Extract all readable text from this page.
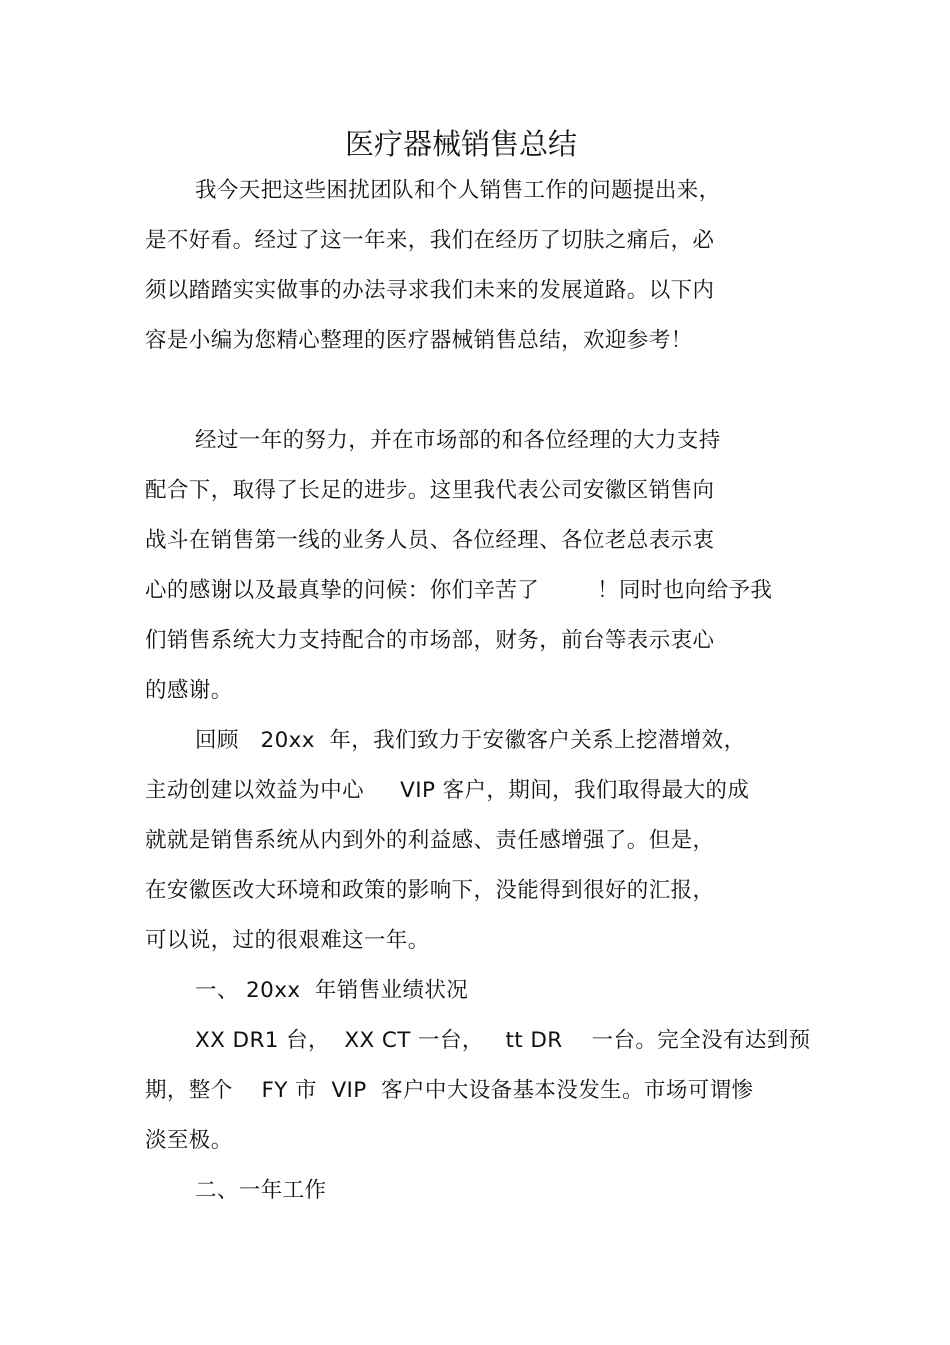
医疗器械销售总结
我今天把这些困扰团队和个人销售工作的问题提出来，
是不好看。经过了这一年来，我们在经历了切肤之痛后，必
须以踏踏实实做事的办法寻求我们未来的发展道路。以下内
容是小编为您精心整理的医疗器械销售总结，欢迎参考！
经过一年的努力，并在市场部的和各位经理的大力支持
配合下，取得了长足的进步。这里我代表公司安徽区销售向
战斗在销售第一线的业务人员、各位经理、各位老总表示衷
心的感谢以及最真挚的问候：你们辛苦了        ！同时也向给予我
们销售系统大力支持配合的市场部，财务，前台等表示衷心
的感谢。
回顾   20xx  年，我们致力于安徽客户关系上挖潜增效，
主动创建以效益为中心     VIP 客户，期间，我们取得最大的成
就就是销售系统从内到外的利益感、责任感增强了。但是，
在安徽医改大环境和政策的影响下，没能得到很好的汇报，
可以说，过的很艰难这一年。
一、 20xx  年销售业绩状况
XX DR1 台，  XX CT 一台，   tt DR    一台。完全没有达到预
期，整个    FY 市  VIP  客户中大设备基本没发生。市场可谓惨
淡至极。
二、一年工作
